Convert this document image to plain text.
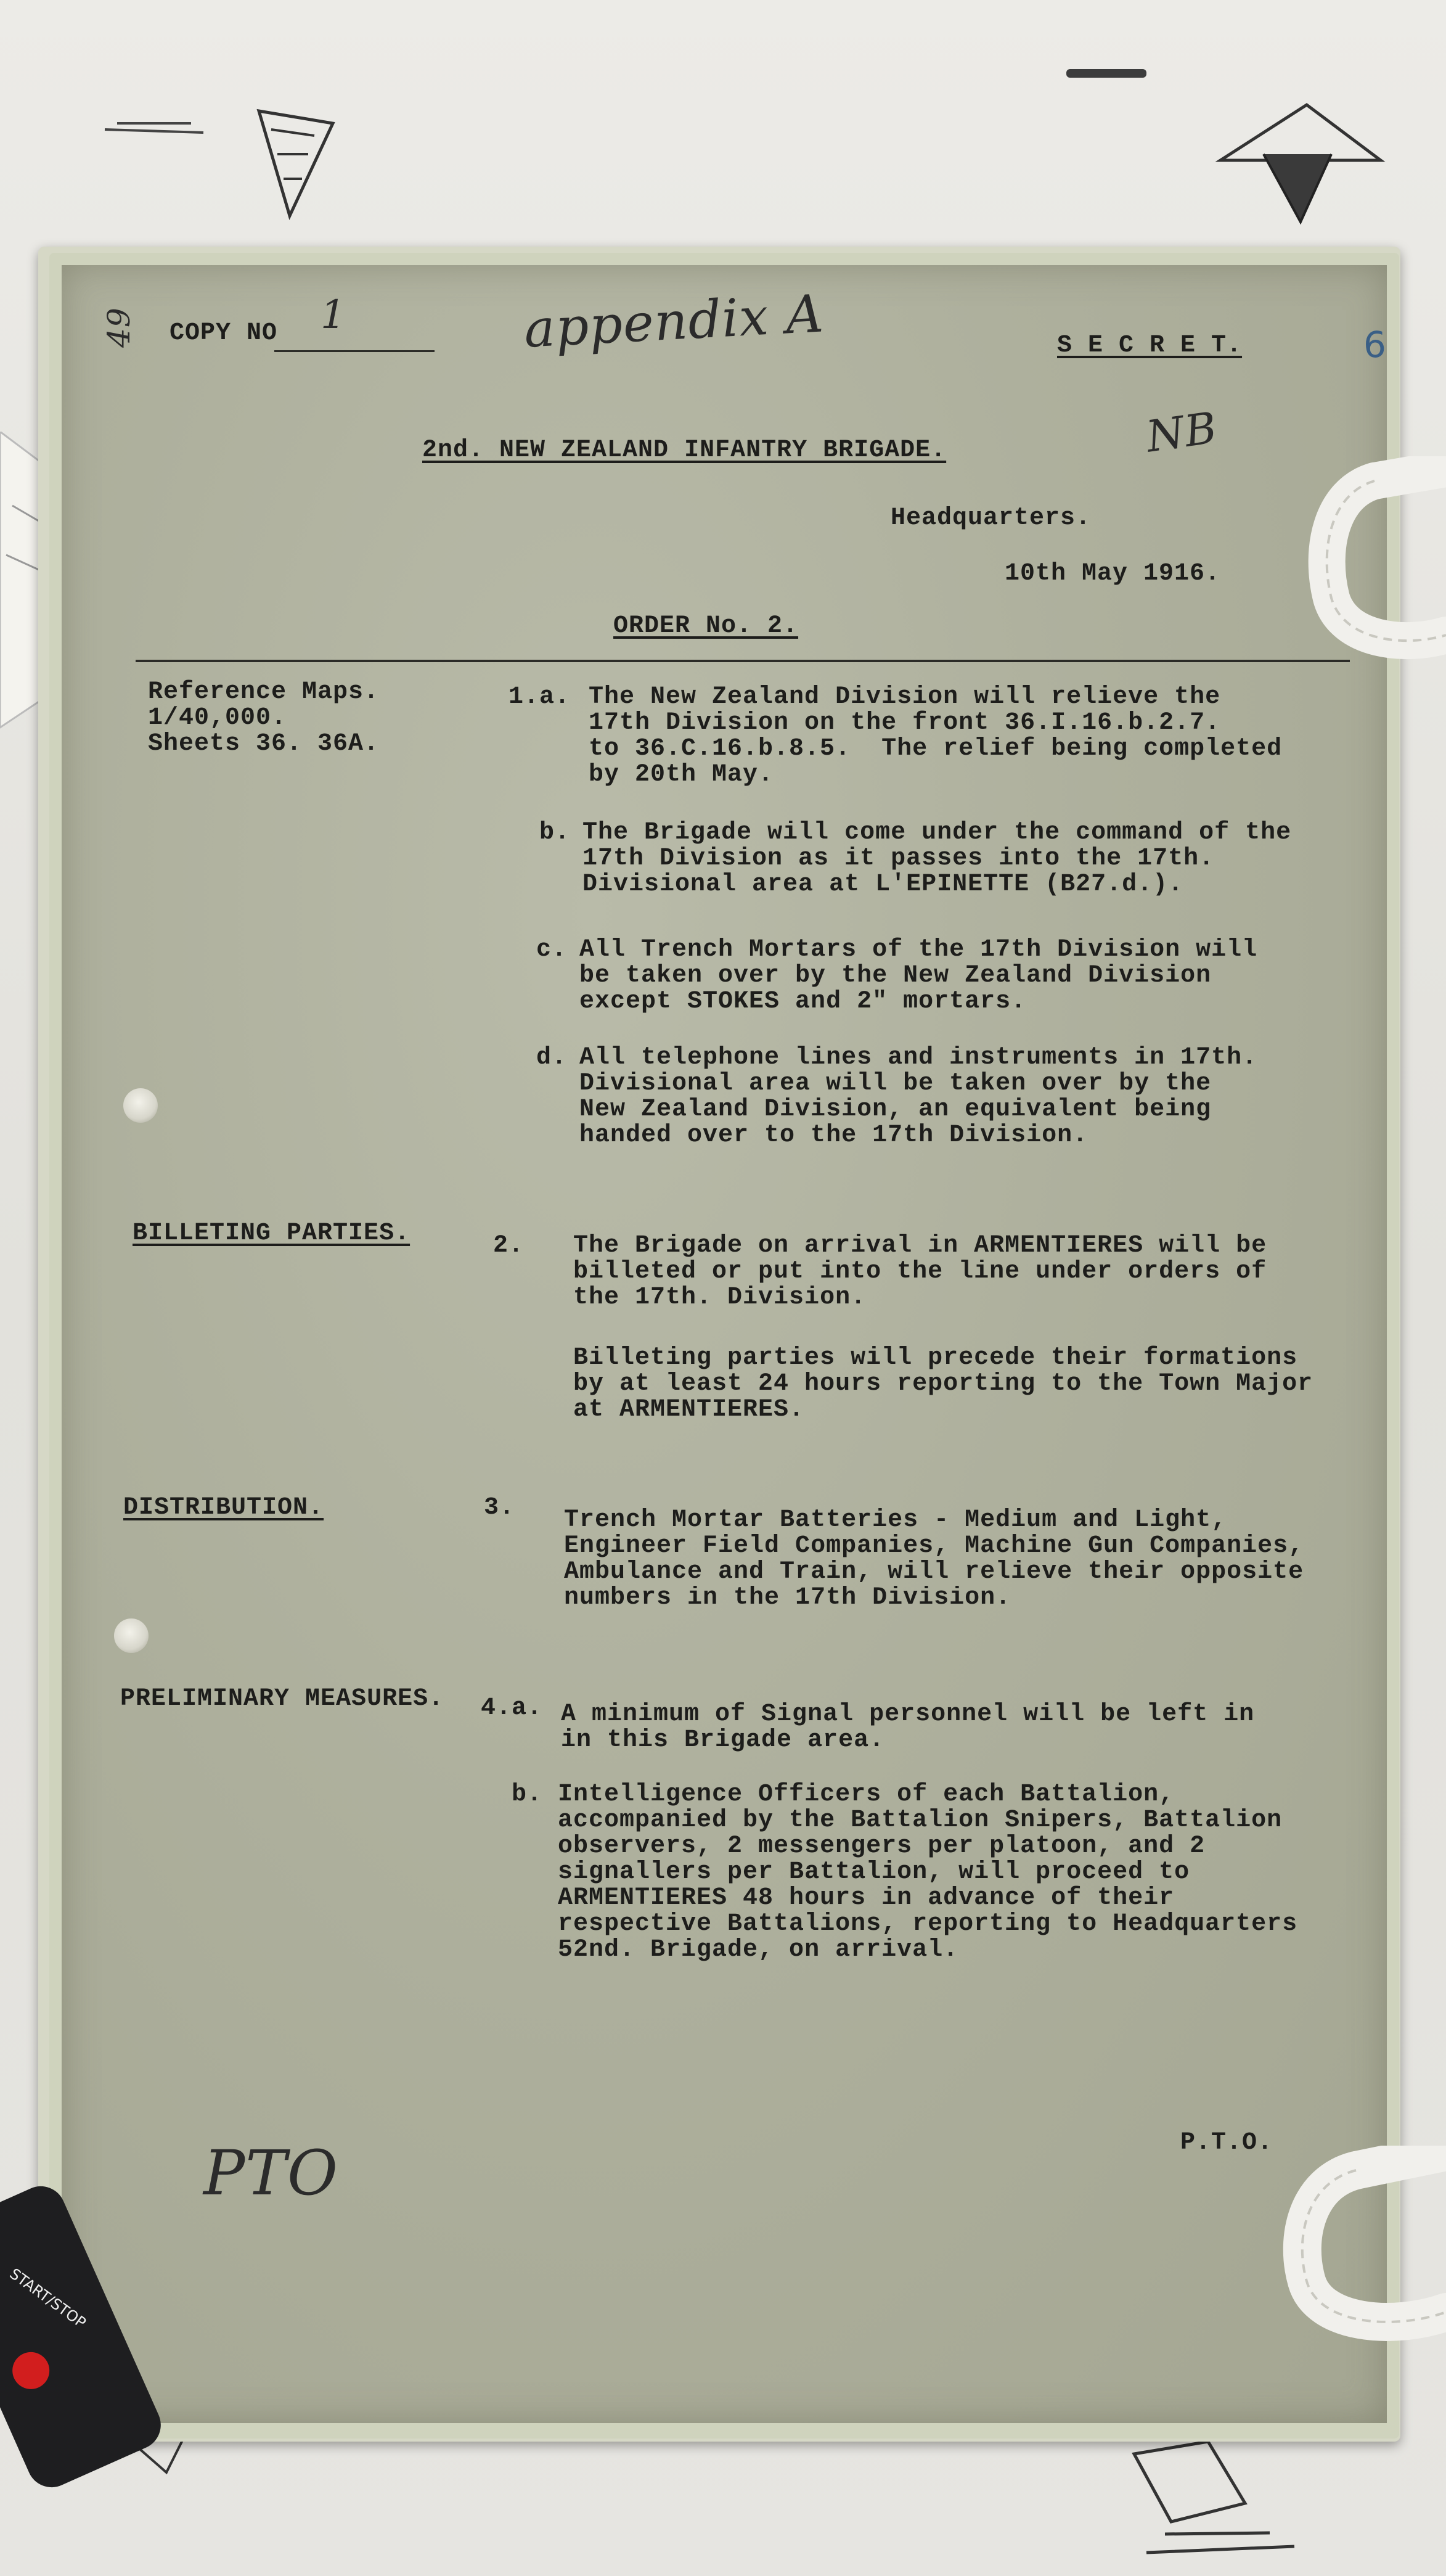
49 COPY NO 1	appendix A	S E C R E T.	6
NB
2nd. NEW ZEALAND INFANTRY BRIGADE.
Headquarters.
10th May 1916.
ORDER No. 2.
Reference Maps.
1/40,000.
Sheets 36. 36A.
1.a. The New Zealand Division will relieve the
17th Division on the front 36.I.16.b.2.7.
to 36.C.16.b.8.5.  The relief being completed
by 20th May.
b. The Brigade will come under the command of the
17th Division as it passes into the 17th.
Divisional area at L'EPINETTE (B27.d.).
c. All Trench Mortars of the 17th Division will
be taken over by the New Zealand Division
except STOKES and 2" mortars.
d. All telephone lines and instruments in 17th.
Divisional area will be taken over by the
New Zealand Division, an equivalent being
handed over to the 17th Division.
BILLETING PARTIES.	2. The Brigade on arrival in ARMENTIERES will be
billeted or put into the line under orders of
the 17th. Division.
Billeting parties will precede their formations
by at least 24 hours reporting to the Town Major
at ARMENTIERES.
DISTRIBUTION.	3. Trench Mortar Batteries - Medium and Light,
Engineer Field Companies, Machine Gun Companies,
Ambulance and Train, will relieve their opposite
numbers in the 17th Division.
PRELIMINARY MEASURES. 4.a. A minimum of Signal personnel will be left in
in this Brigade area.
b. Intelligence Officers of each Battalion,
accompanied by the Battalion Snipers, Battalion
observers, 2 messengers per platoon, and 2
signallers per Battalion, will proceed to
ARMENTIERES 48 hours in advance of their
respective Battalions, reporting to Headquarters
52nd. Brigade, on arrival.
P.T.O.
PTO
START/STOP
